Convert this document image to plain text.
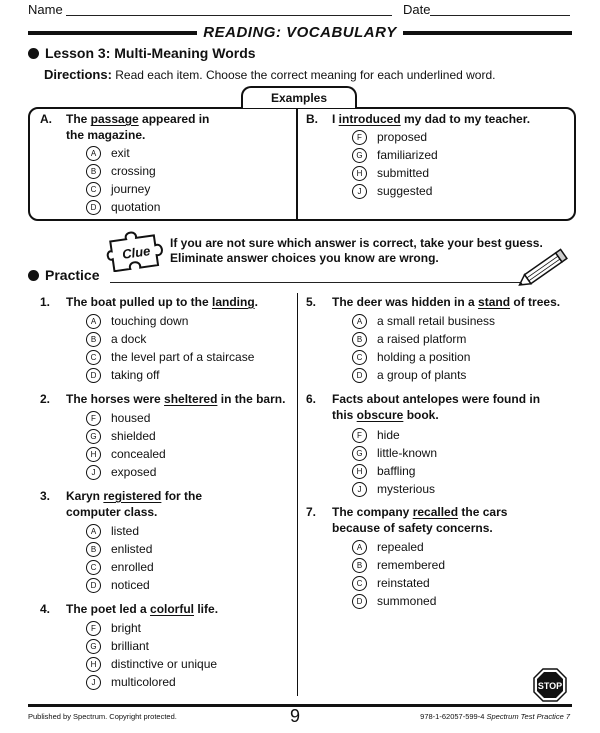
Name	Date
READING: VOCABULARY
Lesson 3: Multi-Meaning Words
Directions: Read each item. Choose the correct meaning for each underlined word.
Examples
A. The passage appeared in
the magazine.
A	exit
B	crossing
C	journey
D	quotation
B. I introduced my dad to my teacher.
F	proposed
G	familiarized
H	submitted
J	suggested
Clue
If you are not sure which answer is correct, take your best guess.
Eliminate answer choices you know are wrong.
Practice
1. The boat pulled up to the landing.
A	touching down
B	a dock
C	the level part of a staircase
D	taking off
2. The horses were sheltered in the barn.
F	housed
G	shielded
H	concealed
J	exposed
3. Karyn registered for the
computer class.
A	listed
B	enlisted
C	enrolled
D	noticed
4. The poet led a colorful life.
F	bright
G	brilliant
H	distinctive or unique
J	multicolored
5. The deer was hidden in a stand of trees.
A	a small retail business
B	a raised platform
C	holding a position
D	a group of plants
6. Facts about antelopes were found in
this obscure book.
F	hide
G	little-known
H	baffling
J	mysterious
7. The company recalled the cars
because of safety concerns.
A	repealed
B	remembered
C	reinstated
D	summoned
STOP
Published by Spectrum. Copyright protected.	9	978-1-62057-599-4 Spectrum Test Practice 7
